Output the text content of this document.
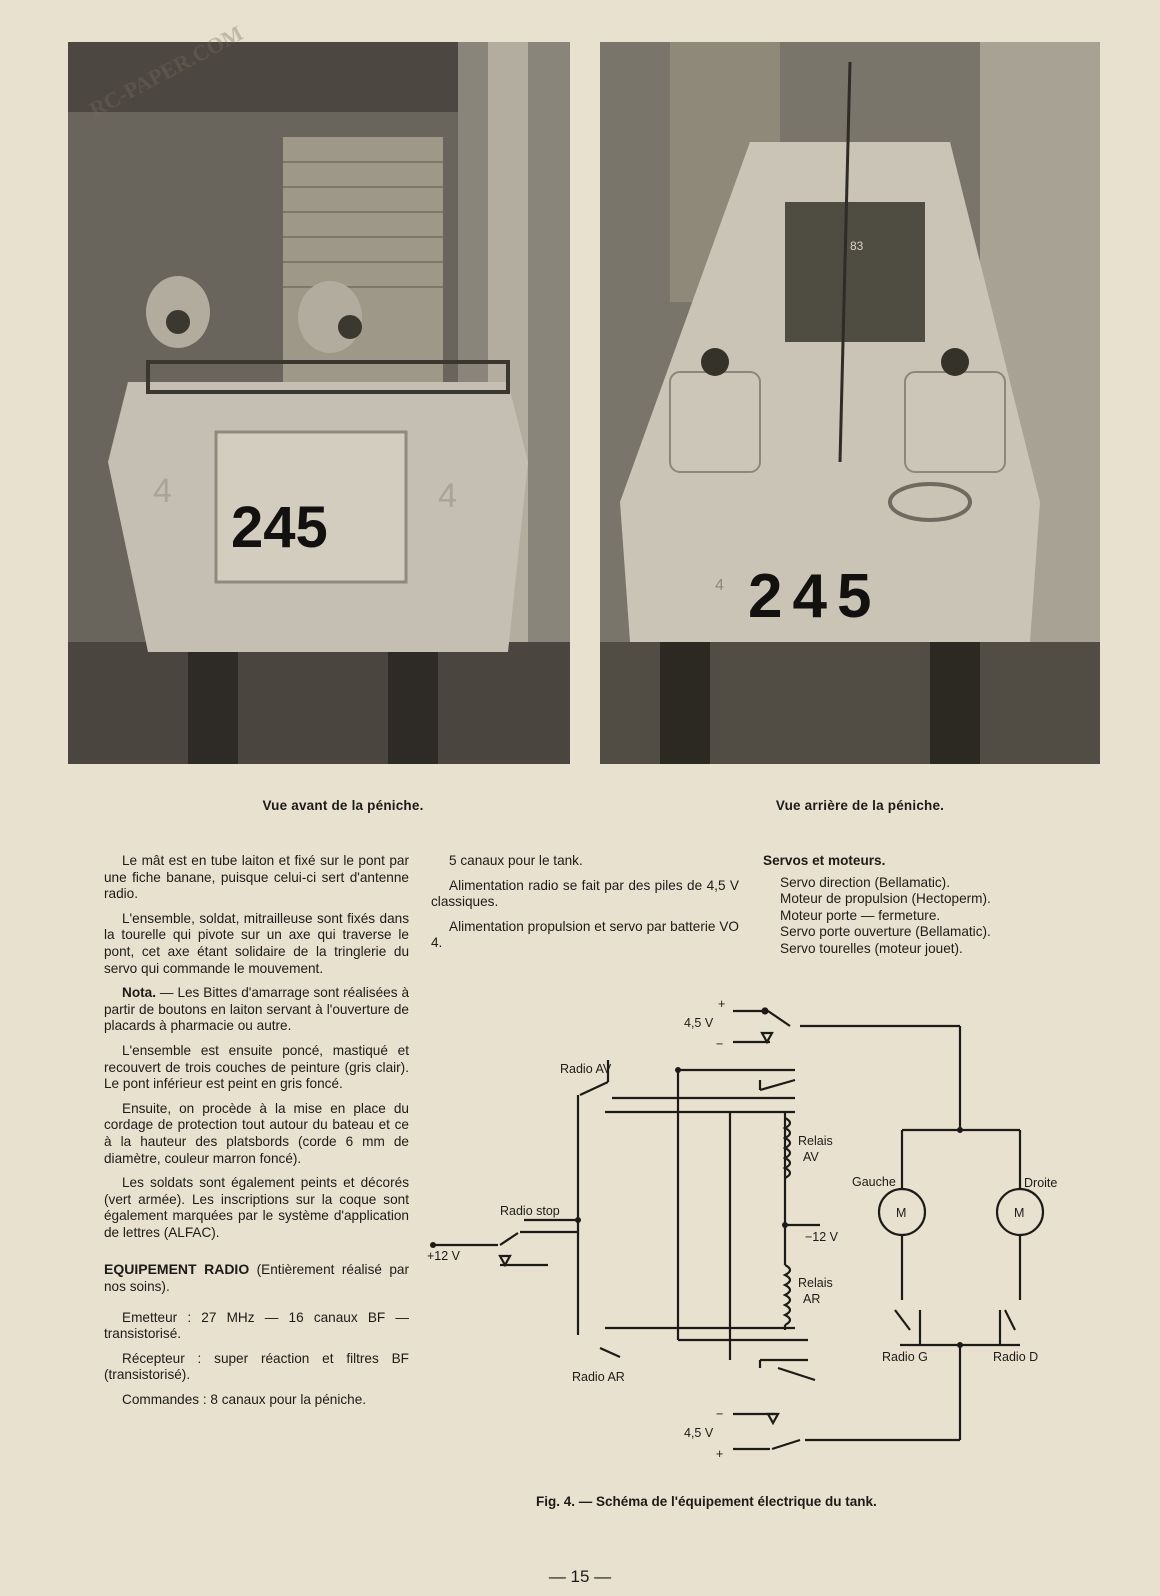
245
4	4
RC-PAPER.COM
245
4
83
Vue avant de la péniche.	Vue arrière de la péniche.

Le mât est en tube laiton et fixé sur le pont par une fiche banane, puisque celui-ci sert d'antenne radio.

L'ensemble, soldat, mitrailleuse sont fixés dans la tourelle qui pivote sur un axe qui traverse le pont, cet axe étant solidaire de la tringlerie du servo qui commande le mouvement.

Nota. — Les Bittes d'amarrage sont réalisées à partir de boutons en laiton servant à l'ouverture de placards à pharmacie ou autre.

L'ensemble est ensuite poncé, mastiqué et recouvert de trois couches de peinture (gris clair). Le pont inférieur est peint en gris foncé.

Ensuite, on procède à la mise en place du cordage de protection tout autour du bateau et ce à la hauteur des platsbords (corde 6 mm de diamètre, couleur marron foncé).

Les soldats sont également peints et décorés (vert armée). Les inscriptions sur la coque sont également marquées par le système d'application de lettres (ALFAC).

EQUIPEMENT RADIO (Entièrement réalisé par nos soins).

Emetteur : 27 MHz — 16 canaux BF — transistorisé.

Récepteur : super réaction et filtres BF (transistorisé).

Commandes : 8 canaux pour la péniche.

5 canaux pour le tank.

Alimentation radio se fait par des piles de 4,5 V classiques.

Alimentation propulsion et servo par batterie VO 4.

Servos et moteurs.
Servo direction (Bellamatic).
Moteur de propulsion (Hectoperm).
Moteur porte — fermeture.
Servo porte ouverture (Bellamatic).
Servo tourelles (moteur jouet).
+
4,5 V
−
Radio AV
Relais
AV
Gauche	Droite
M	M
Radio stop
−12 V
+12 V
Relais
AR
Radio G	Radio D
Radio AR
−
4,5 V
+
Fig. 4. — Schéma de l'équipement électrique du tank.
— 15 —
